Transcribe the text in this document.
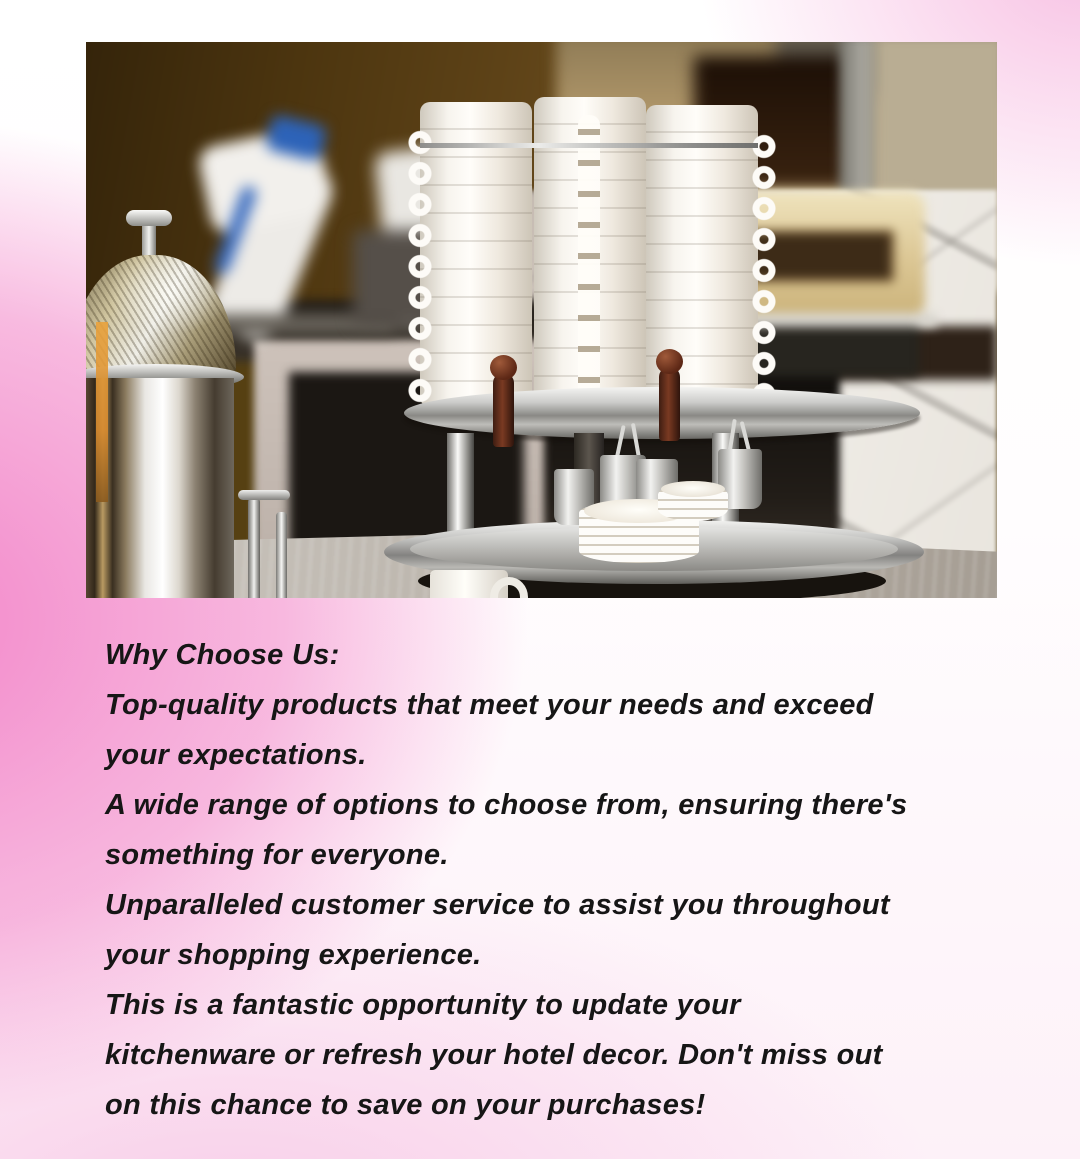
Why Choose Us:
Top-quality products that meet your needs and exceed
your expectations.
A wide range of options to choose from, ensuring there's
something for everyone.
Unparalleled customer service to assist you throughout
your shopping experience.
This is a fantastic opportunity to update your
kitchenware or refresh your hotel decor. Don't miss out
on this chance to save on your purchases!
